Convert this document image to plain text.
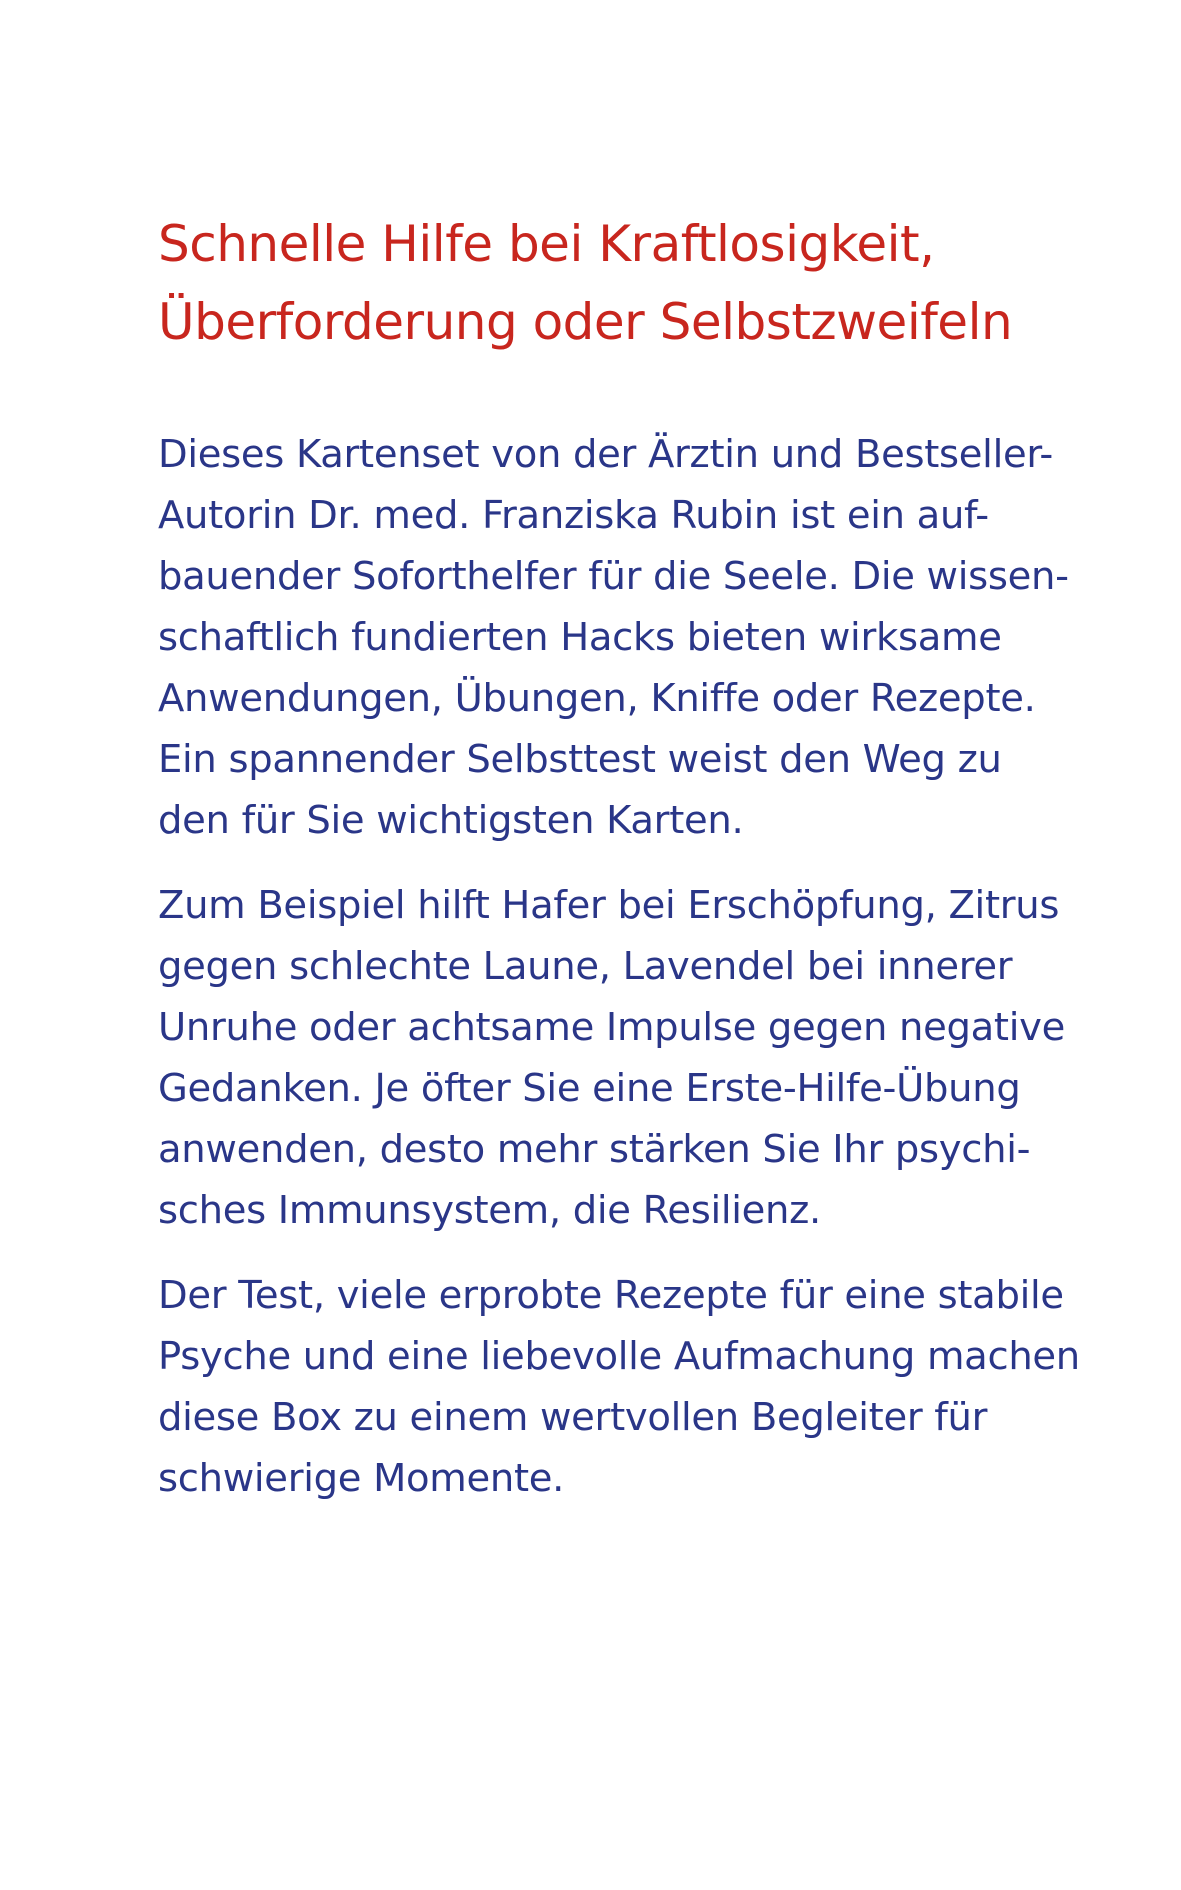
Schnelle Hilfe bei Kraftlosigkeit,
Überforderung oder Selbstzweifeln

Dieses Kartenset von der Ärztin und Bestseller-
Autorin Dr. med. Franziska Rubin ist ein auf-
bauender Soforthelfer für die Seele. Die wissen-
schaftlich fundierten Hacks bieten wirksame
Anwendungen, Übungen, Kniffe oder Rezepte.
Ein spannender Selbsttest weist den Weg zu
den für Sie wichtigsten Karten.

Zum Beispiel hilft Hafer bei Erschöpfung, Zitrus
gegen schlechte Laune, Lavendel bei innerer
Unruhe oder achtsame Impulse gegen negative
Gedanken. Je öfter Sie eine Erste-Hilfe-Übung
anwenden, desto mehr stärken Sie Ihr psychi-
sches Immunsystem, die Resilienz.

Der Test, viele erprobte Rezepte für eine stabile
Psyche und eine liebevolle Aufmachung machen
diese Box zu einem wertvollen Begleiter für
schwierige Momente.
